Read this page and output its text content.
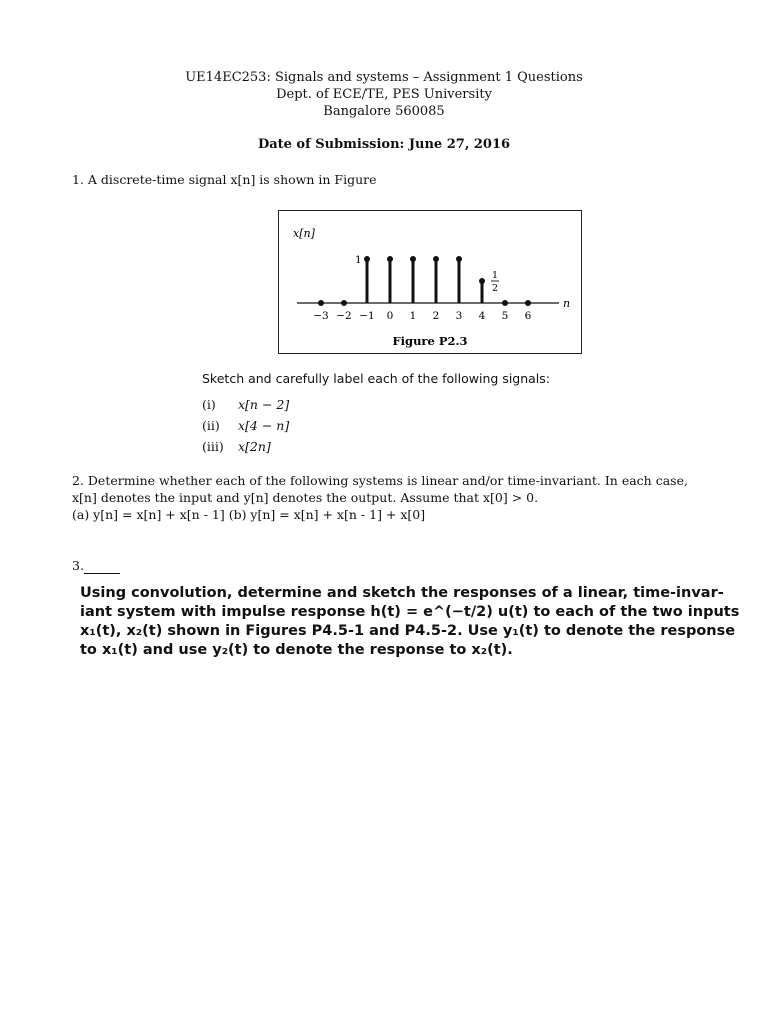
UE14EC253: Signals and systems – Assignment 1 Questions
Dept. of ECE/TE, PES University
Bangalore 560085
Date of Submission: June 27, 2016
1. A discrete-time signal x[n] is shown in Figure
x[n]
n
−3 −2 −1 0 1 2 3 4 5 6
1
1
2
Figure P2.3
Sketch and carefully label each of the following signals:
(i) x[n − 2]
(ii) x[4 − n]
(iii) x[2n]
2. Determine whether each of the following systems is linear and/or time-invariant. In each case,
x[n] denotes the input and y[n] denotes the output. Assume that x[0] > 0.
(a) y[n] = x[n] + x[n - 1] (b) y[n] = x[n] + x[n - 1] + x[0]
3.
Using convolution, determine and sketch the responses of a linear, time-invar-
iant system with impulse response h(t) = e^(−t/2) u(t) to each of the two inputs
x₁(t), x₂(t) shown in Figures P4.5-1 and P4.5-2. Use y₁(t) to denote the response
to x₁(t) and use y₂(t) to denote the response to x₂(t).
